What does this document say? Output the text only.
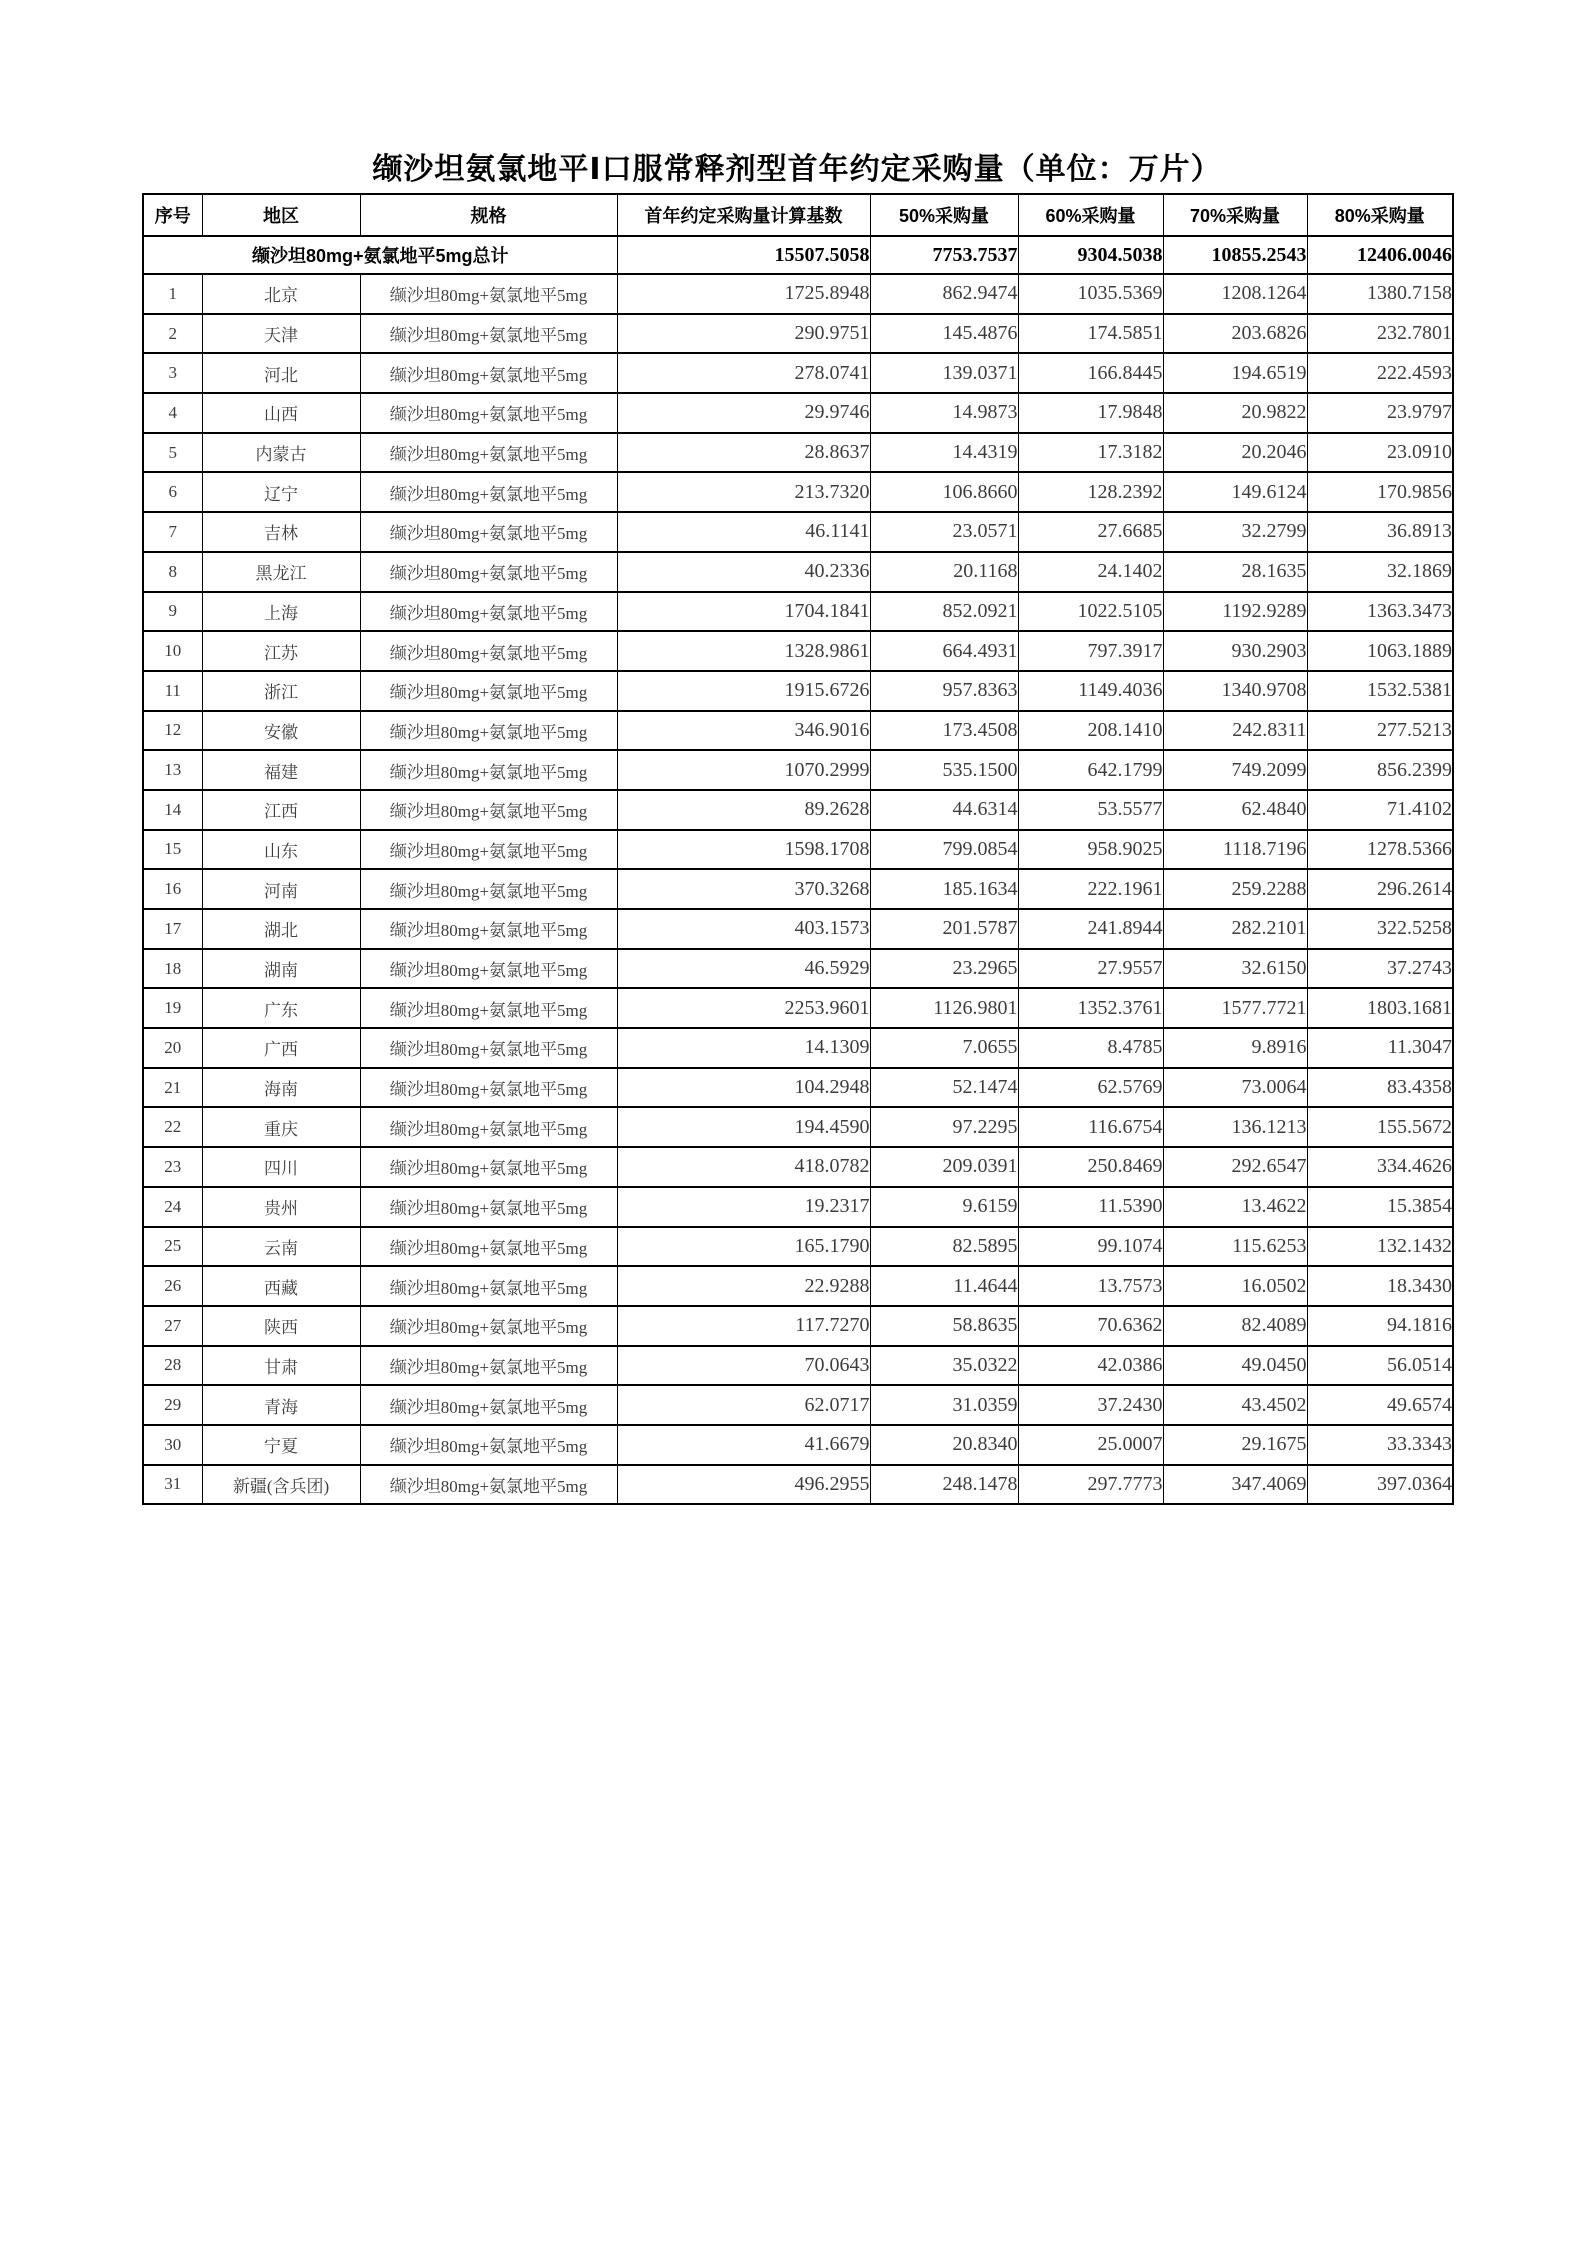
缬沙坦氨氯地平Ⅰ口服常释剂型首年约定采购量（单位：万片）
序号	地区	规格	首年约定采购量计算基数	50%采购量	60%采购量	70%采购量	80%采购量
缬沙坦80mg+氨氯地平5mg总计			15507.5058	7753.7537	9304.5038	10855.2543	12406.0046
1	北京	缬沙坦80mg+氨氯地平5mg	1725.8948	862.9474	1035.5369	1208.1264	1380.7158
2	天津	缬沙坦80mg+氨氯地平5mg	290.9751	145.4876	174.5851	203.6826	232.7801
3	河北	缬沙坦80mg+氨氯地平5mg	278.0741	139.0371	166.8445	194.6519	222.4593
4	山西	缬沙坦80mg+氨氯地平5mg	29.9746	14.9873	17.9848	20.9822	23.9797
5	内蒙古	缬沙坦80mg+氨氯地平5mg	28.8637	14.4319	17.3182	20.2046	23.0910
6	辽宁	缬沙坦80mg+氨氯地平5mg	213.7320	106.8660	128.2392	149.6124	170.9856
7	吉林	缬沙坦80mg+氨氯地平5mg	46.1141	23.0571	27.6685	32.2799	36.8913
8	黑龙江	缬沙坦80mg+氨氯地平5mg	40.2336	20.1168	24.1402	28.1635	32.1869
9	上海	缬沙坦80mg+氨氯地平5mg	1704.1841	852.0921	1022.5105	1192.9289	1363.3473
10	江苏	缬沙坦80mg+氨氯地平5mg	1328.9861	664.4931	797.3917	930.2903	1063.1889
11	浙江	缬沙坦80mg+氨氯地平5mg	1915.6726	957.8363	1149.4036	1340.9708	1532.5381
12	安徽	缬沙坦80mg+氨氯地平5mg	346.9016	173.4508	208.1410	242.8311	277.5213
13	福建	缬沙坦80mg+氨氯地平5mg	1070.2999	535.1500	642.1799	749.2099	856.2399
14	江西	缬沙坦80mg+氨氯地平5mg	89.2628	44.6314	53.5577	62.4840	71.4102
15	山东	缬沙坦80mg+氨氯地平5mg	1598.1708	799.0854	958.9025	1118.7196	1278.5366
16	河南	缬沙坦80mg+氨氯地平5mg	370.3268	185.1634	222.1961	259.2288	296.2614
17	湖北	缬沙坦80mg+氨氯地平5mg	403.1573	201.5787	241.8944	282.2101	322.5258
18	湖南	缬沙坦80mg+氨氯地平5mg	46.5929	23.2965	27.9557	32.6150	37.2743
19	广东	缬沙坦80mg+氨氯地平5mg	2253.9601	1126.9801	1352.3761	1577.7721	1803.1681
20	广西	缬沙坦80mg+氨氯地平5mg	14.1309	7.0655	8.4785	9.8916	11.3047
21	海南	缬沙坦80mg+氨氯地平5mg	104.2948	52.1474	62.5769	73.0064	83.4358
22	重庆	缬沙坦80mg+氨氯地平5mg	194.4590	97.2295	116.6754	136.1213	155.5672
23	四川	缬沙坦80mg+氨氯地平5mg	418.0782	209.0391	250.8469	292.6547	334.4626
24	贵州	缬沙坦80mg+氨氯地平5mg	19.2317	9.6159	11.5390	13.4622	15.3854
25	云南	缬沙坦80mg+氨氯地平5mg	165.1790	82.5895	99.1074	115.6253	132.1432
26	西藏	缬沙坦80mg+氨氯地平5mg	22.9288	11.4644	13.7573	16.0502	18.3430
27	陕西	缬沙坦80mg+氨氯地平5mg	117.7270	58.8635	70.6362	82.4089	94.1816
28	甘肃	缬沙坦80mg+氨氯地平5mg	70.0643	35.0322	42.0386	49.0450	56.0514
29	青海	缬沙坦80mg+氨氯地平5mg	62.0717	31.0359	37.2430	43.4502	49.6574
30	宁夏	缬沙坦80mg+氨氯地平5mg	41.6679	20.8340	25.0007	29.1675	33.3343
31	新疆(含兵团)	缬沙坦80mg+氨氯地平5mg	496.2955	248.1478	297.7773	347.4069	397.0364
